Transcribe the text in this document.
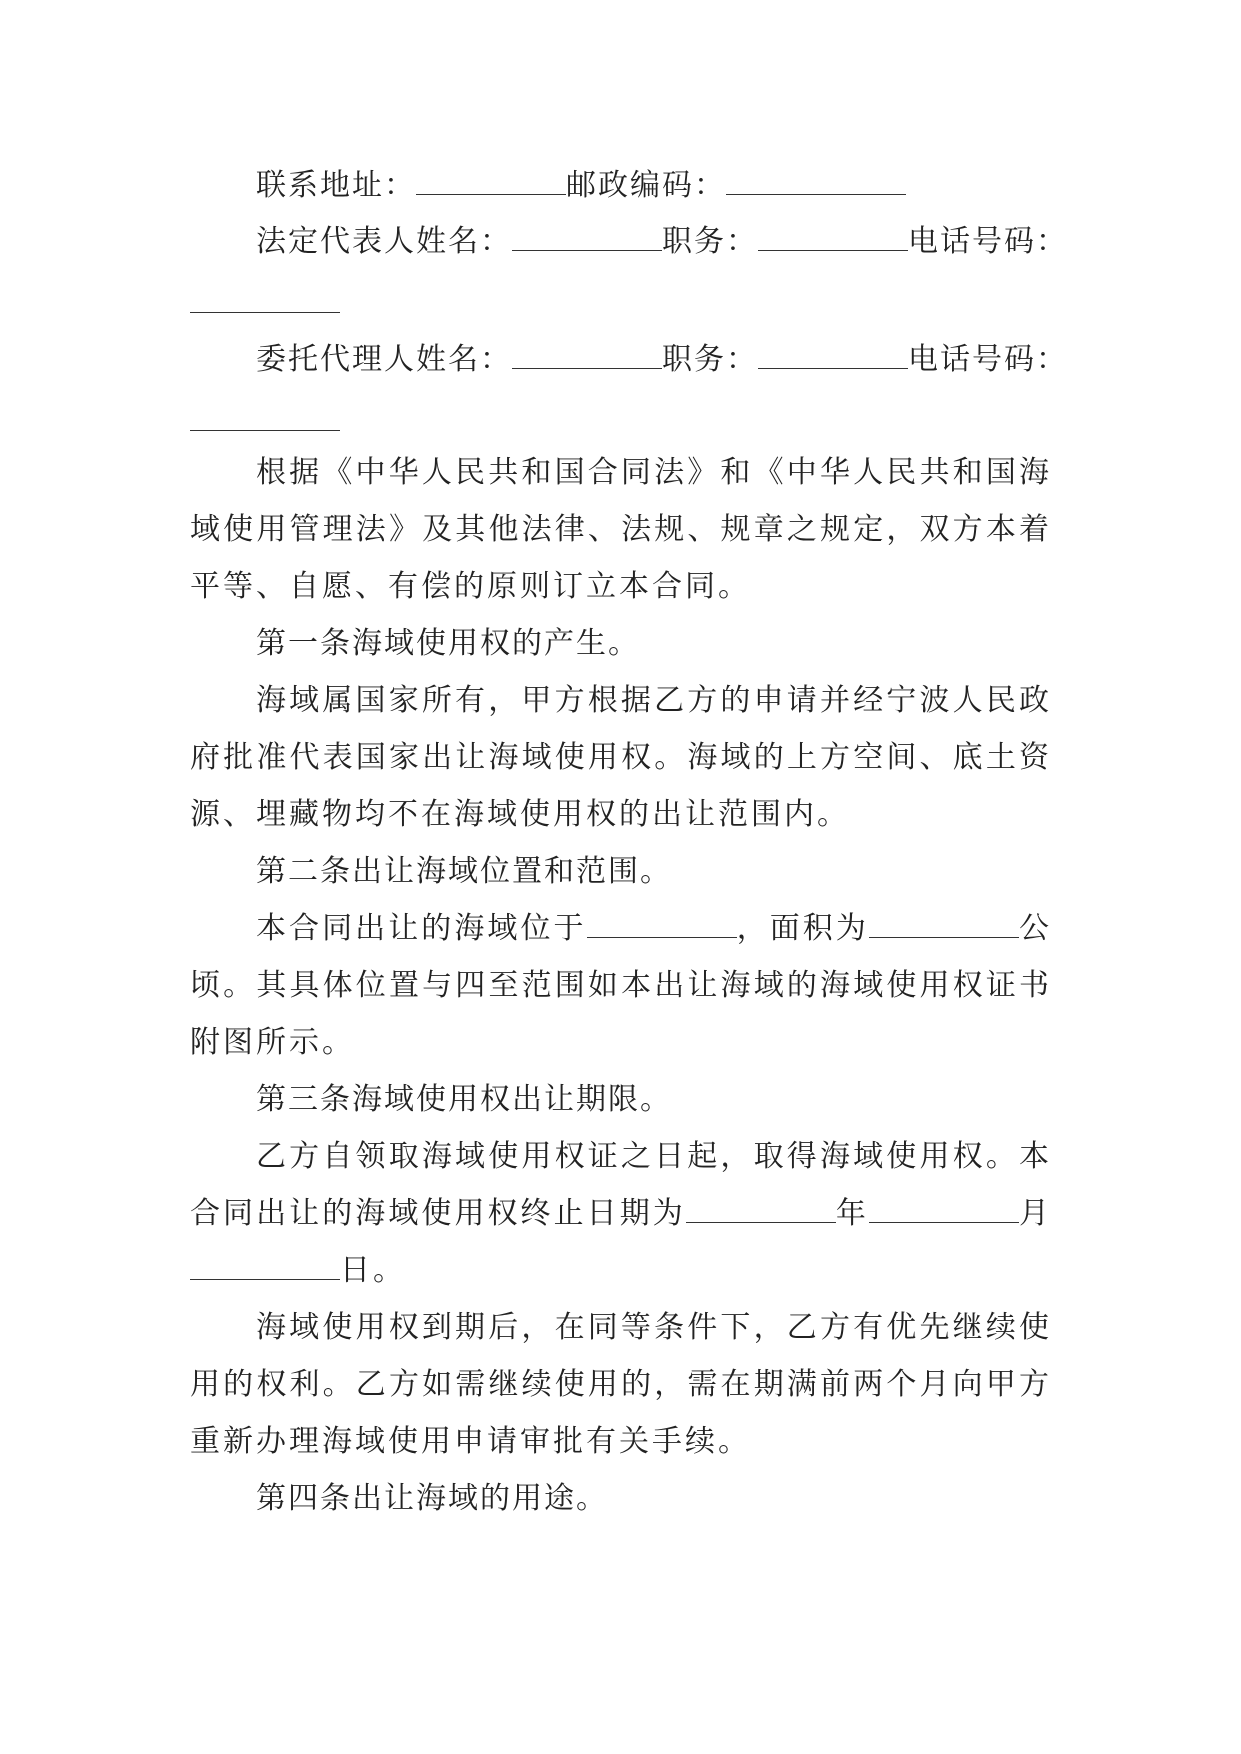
联系地址：	邮政编码：
法定代表人姓名：	职务：	电话号码：
委托代理人姓名：	职务：	电话号码：

根据《中华人民共和国合同法》和《中华人民共和国海域使用管理法》及其他法律、法规、规章之规定，双方本着平等、自愿、有偿的原则订立本合同。

第一条海域使用权的产生。

海域属国家所有，甲方根据乙方的申请并经宁波人民政府批准代表国家出让海域使用权。海域的上方空间、底土资源、埋藏物均不在海域使用权的出让范围内。

第二条出让海域位置和范围。

本合同出让的海域位于	，面积为	公顷。其具体位置与四至范围如本出让海域的海域使用权证书附图所示。

第三条海域使用权出让期限。

乙方自领取海域使用权证之日起，取得海域使用权。本合同出让的海域使用权终止日期为	年	月日。

海域使用权到期后，在同等条件下，乙方有优先继续使用的权利。乙方如需继续使用的，需在期满前两个月向甲方重新办理海域使用申请审批有关手续。

第四条出让海域的用途。
